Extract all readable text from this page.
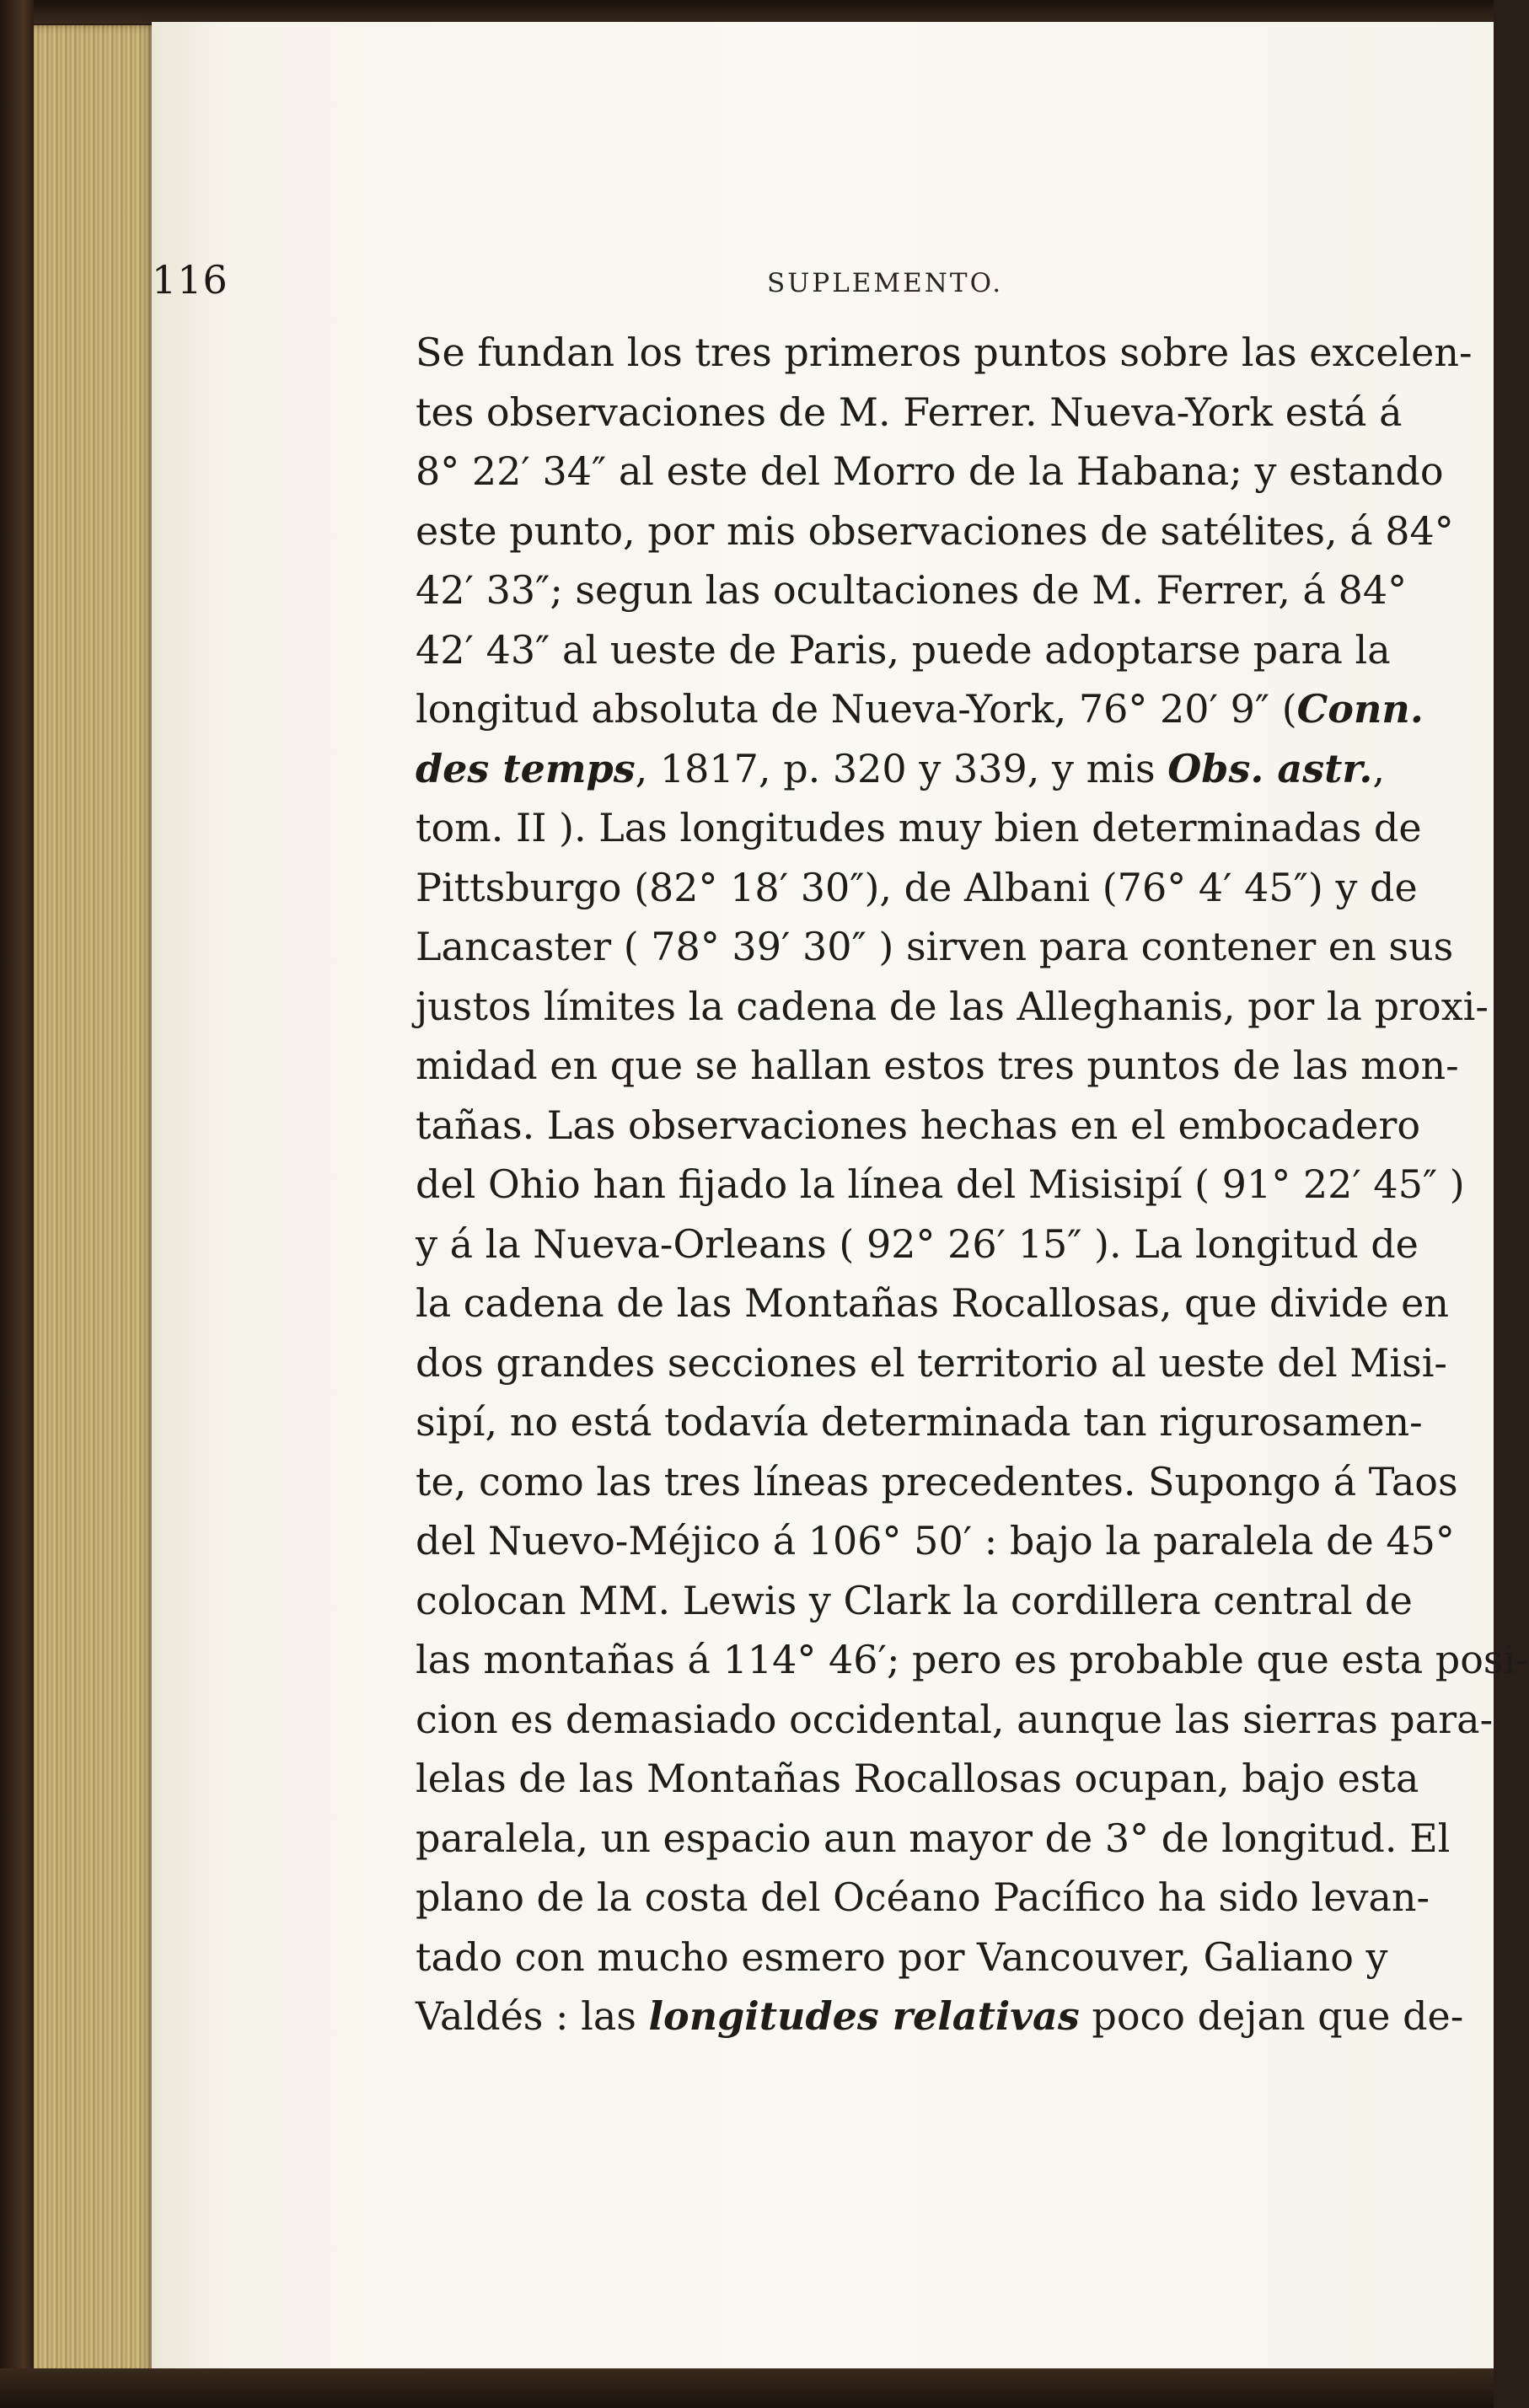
116	SUPLEMENTO.
Se fundan los tres primeros puntos sobre las excelen-
tes observaciones de M. Ferrer. Nueva-York está á
8° 22′ 34″ al este del Morro de la Habana; y estando
este punto, por mis observaciones de satélites, á 84°
42′ 33″; segun las ocultaciones de M. Ferrer, á 84°
42′ 43″ al ueste de Paris, puede adoptarse para la
longitud absoluta de Nueva-York, 76° 20′ 9″ (Conn.
des temps, 1817, p. 320 y 339, y mis Obs. astr.,
tom. II ). Las longitudes muy bien determinadas de
Pittsburgo (82° 18′ 30″), de Albani (76° 4′ 45″) y de
Lancaster ( 78° 39′ 30″ ) sirven para contener en sus
justos límites la cadena de las Alleghanis, por la proxi-
midad en que se hallan estos tres puntos de las mon-
tañas. Las observaciones hechas en el embocadero
del Ohio han fijado la línea del Misisipí ( 91° 22′ 45″ )
y á la Nueva-Orleans ( 92° 26′ 15″ ). La longitud de
la cadena de las Montañas Rocallosas, que divide en
dos grandes secciones el territorio al ueste del Misi-
sipí, no está todavía determinada tan rigurosamen-
te, como las tres líneas precedentes. Supongo á Taos
del Nuevo-Méjico á 106° 50′ : bajo la paralela de 45°
colocan MM. Lewis y Clark la cordillera central de
las montañas á 114° 46′; pero es probable que esta posi-
cion es demasiado occidental, aunque las sierras para-
lelas de las Montañas Rocallosas ocupan, bajo esta
paralela, un espacio aun mayor de 3° de longitud. El
plano de la costa del Océano Pacífico ha sido levan-
tado con mucho esmero por Vancouver, Galiano y
Valdés : las longitudes relativas poco dejan que de-
